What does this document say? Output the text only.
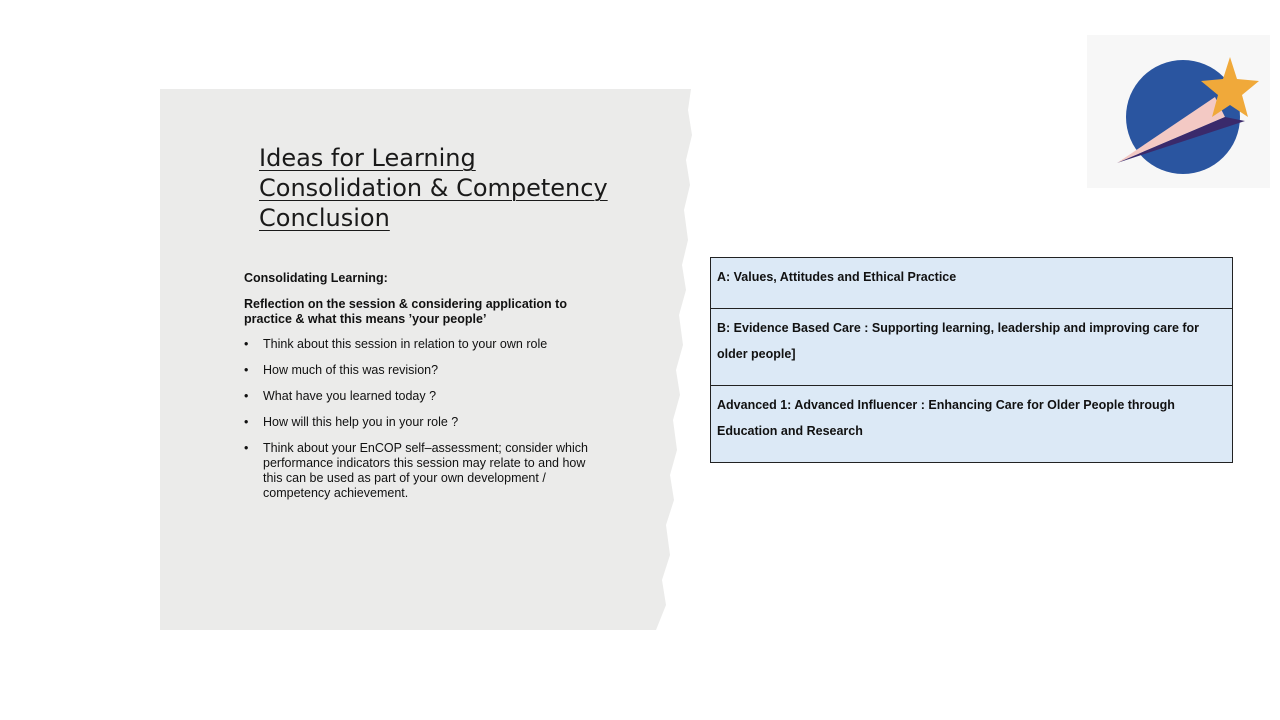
Ideas for Learning Consolidation & Competency Conclusion
Consolidating Learning:
Reflection on the session & considering application to practice & what this means ’your people’
• Think about this session in relation to your own role
• How much of this was revision?
• What have you learned today ?
• How will this help you in your role ?
• Think about your EnCOP self–assessment; consider which performance indicators this session may relate to and how this can be used as part of your own development / competency achievement.
A: Values, Attitudes and Ethical Practice
B: Evidence Based Care : Supporting learning, leadership and improving care for older people]
Advanced 1: Advanced Influencer : Enhancing Care for Older People through Education and Research
